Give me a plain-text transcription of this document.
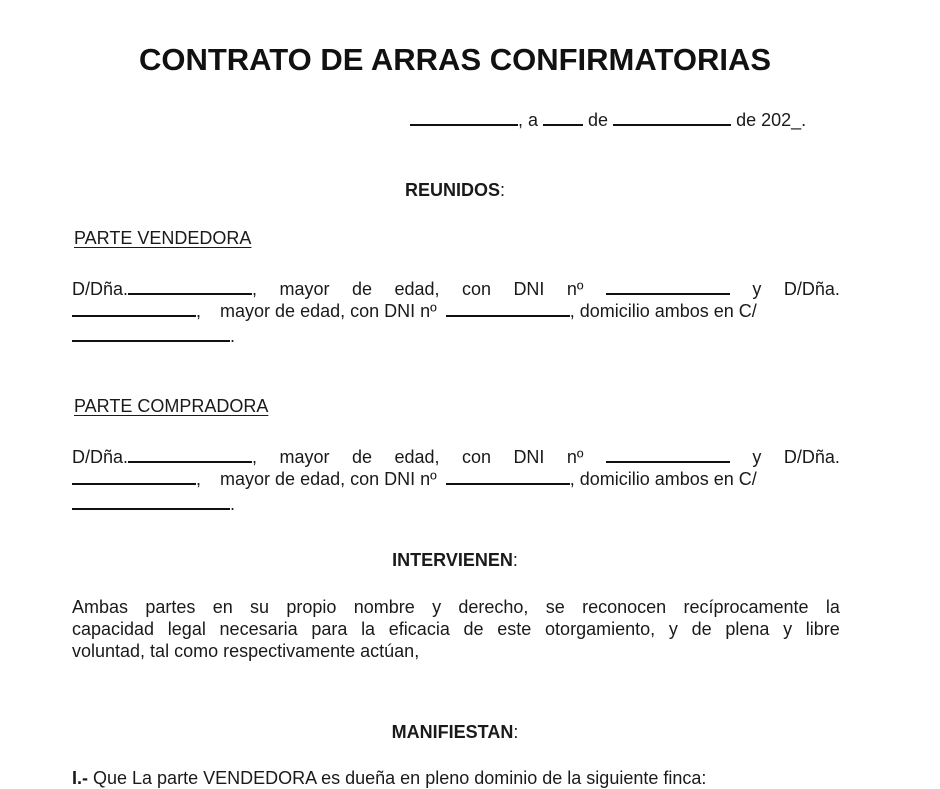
CONTRATO DE ARRAS CONFIRMATORIAS
, a	de	de 202_.
REUNIDOS:
PARTE VENDEDORA
D/Dña.	, mayor de edad, con DNI nº	y D/Dña.
, mayor de edad, con DNI nº	, domicilio ambos en C/
.
PARTE COMPRADORA
D/Dña.	, mayor de edad, con DNI nº	y D/Dña.
, mayor de edad, con DNI nº	, domicilio ambos en C/
.
INTERVIENEN:
Ambas partes en su propio nombre y derecho, se reconocen recíprocamente la
capacidad legal necesaria para la eficacia de este otorgamiento, y de plena y libre
voluntad, tal como respectivamente actúan,
MANIFIESTAN:
I.- Que La parte VENDEDORA es dueña en pleno dominio de la siguiente finca:
